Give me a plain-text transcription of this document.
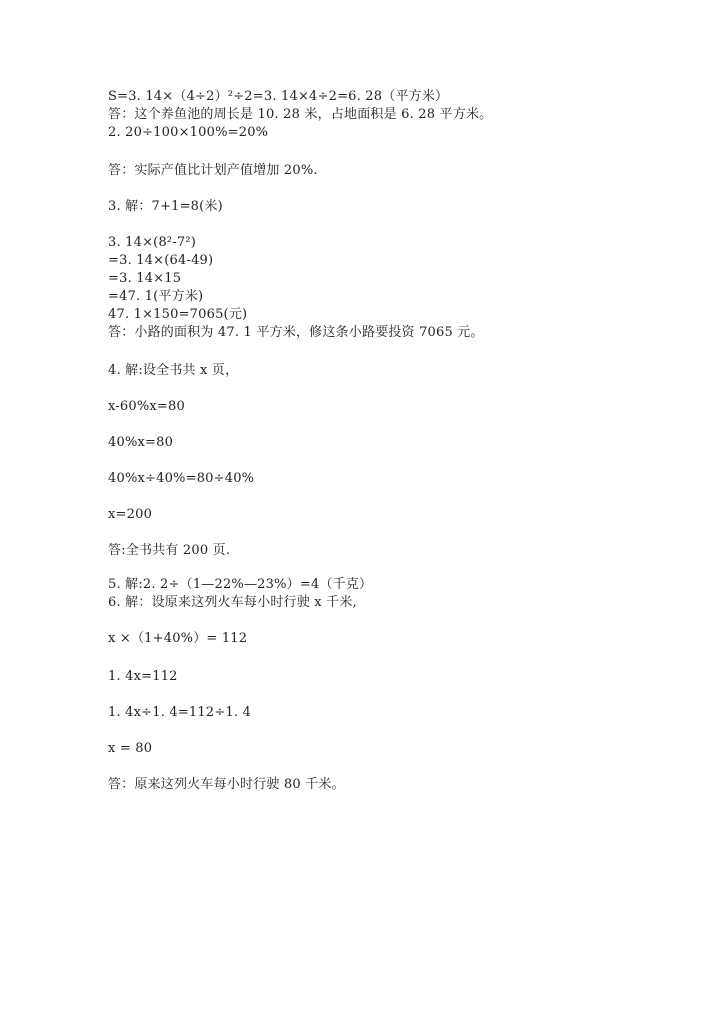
S=3. 14×（4÷2）²÷2=3. 14×4÷2=6. 28（平方米）
答：这个养鱼池的周长是 10. 28 米，占地面积是 6. 28 平方米。
2. 20÷100×100%=20%
答：实际产值比计划产值增加 20%.
3. 解：7+1=8(米)
3. 14×(8²-7²)
=3. 14×(64-49)
=3. 14×15
=47. 1(平方米)
47. 1×150=7065(元)
答：小路的面积为 47. 1 平方米，修这条小路要投资 7065 元。
4. 解:设全书共 x 页，
x-60%x=80
40%x=80
40%x÷40%=80÷40%
x=200
答:全书共有 200 页.
5. 解:2. 2÷（1—22%—23%）=4（千克）
6. 解：设原来这列火车每小时行驶 x 千米,
x ×（1+40%）= 112
1. 4x=112
1. 4x÷1. 4=112÷1. 4
x = 80
答：原来这列火车每小时行驶 80 千米。
